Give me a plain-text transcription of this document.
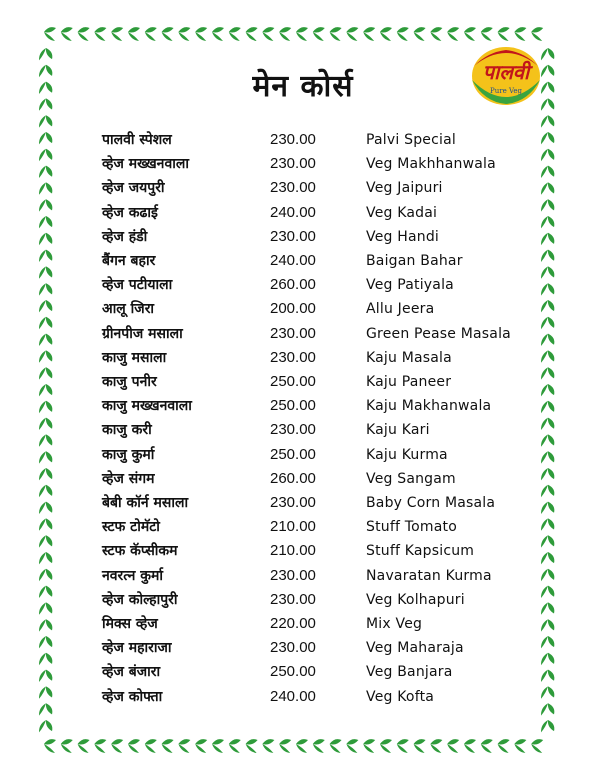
मेन कोर्स	पालवी
Pure Veg
पालवी स्पेशल	230.00	Palvi Special
व्हेज मख्खनवाला	230.00	Veg Makhhanwala
व्हेज जयपुरी	230.00	Veg Jaipuri
व्हेज कढाई	240.00	Veg Kadai
व्हेज हंडी	230.00	Veg Handi
बैंगन बहार	240.00	Baigan Bahar
व्हेज पटीयाला	260.00	Veg Patiyala
आलू जिरा	200.00	Allu Jeera
ग्रीनपीज मसाला	230.00	Green Pease Masala
काजु मसाला	230.00	Kaju Masala
काजु पनीर	250.00	Kaju Paneer
काजु मख्खनवाला	250.00	Kaju Makhanwala
काजु करी	230.00	Kaju Kari
काजु कुर्मा	250.00	Kaju Kurma
व्हेज संगम	260.00	Veg Sangam
बेबी कॉर्न मसाला	230.00	Baby Corn Masala
स्टफ टोमॅटो	210.00	Stuff Tomato
स्टफ कॅप्सीकम	210.00	Stuff Kapsicum
नवरत्न कुर्मा	230.00	Navaratan Kurma
व्हेज कोल्हापुरी	230.00	Veg Kolhapuri
मिक्स व्हेज	220.00	Mix Veg
व्हेज महाराजा	230.00	Veg Maharaja
व्हेज बंजारा	250.00	Veg Banjara
व्हेज कोफ्ता	240.00	Veg Kofta
